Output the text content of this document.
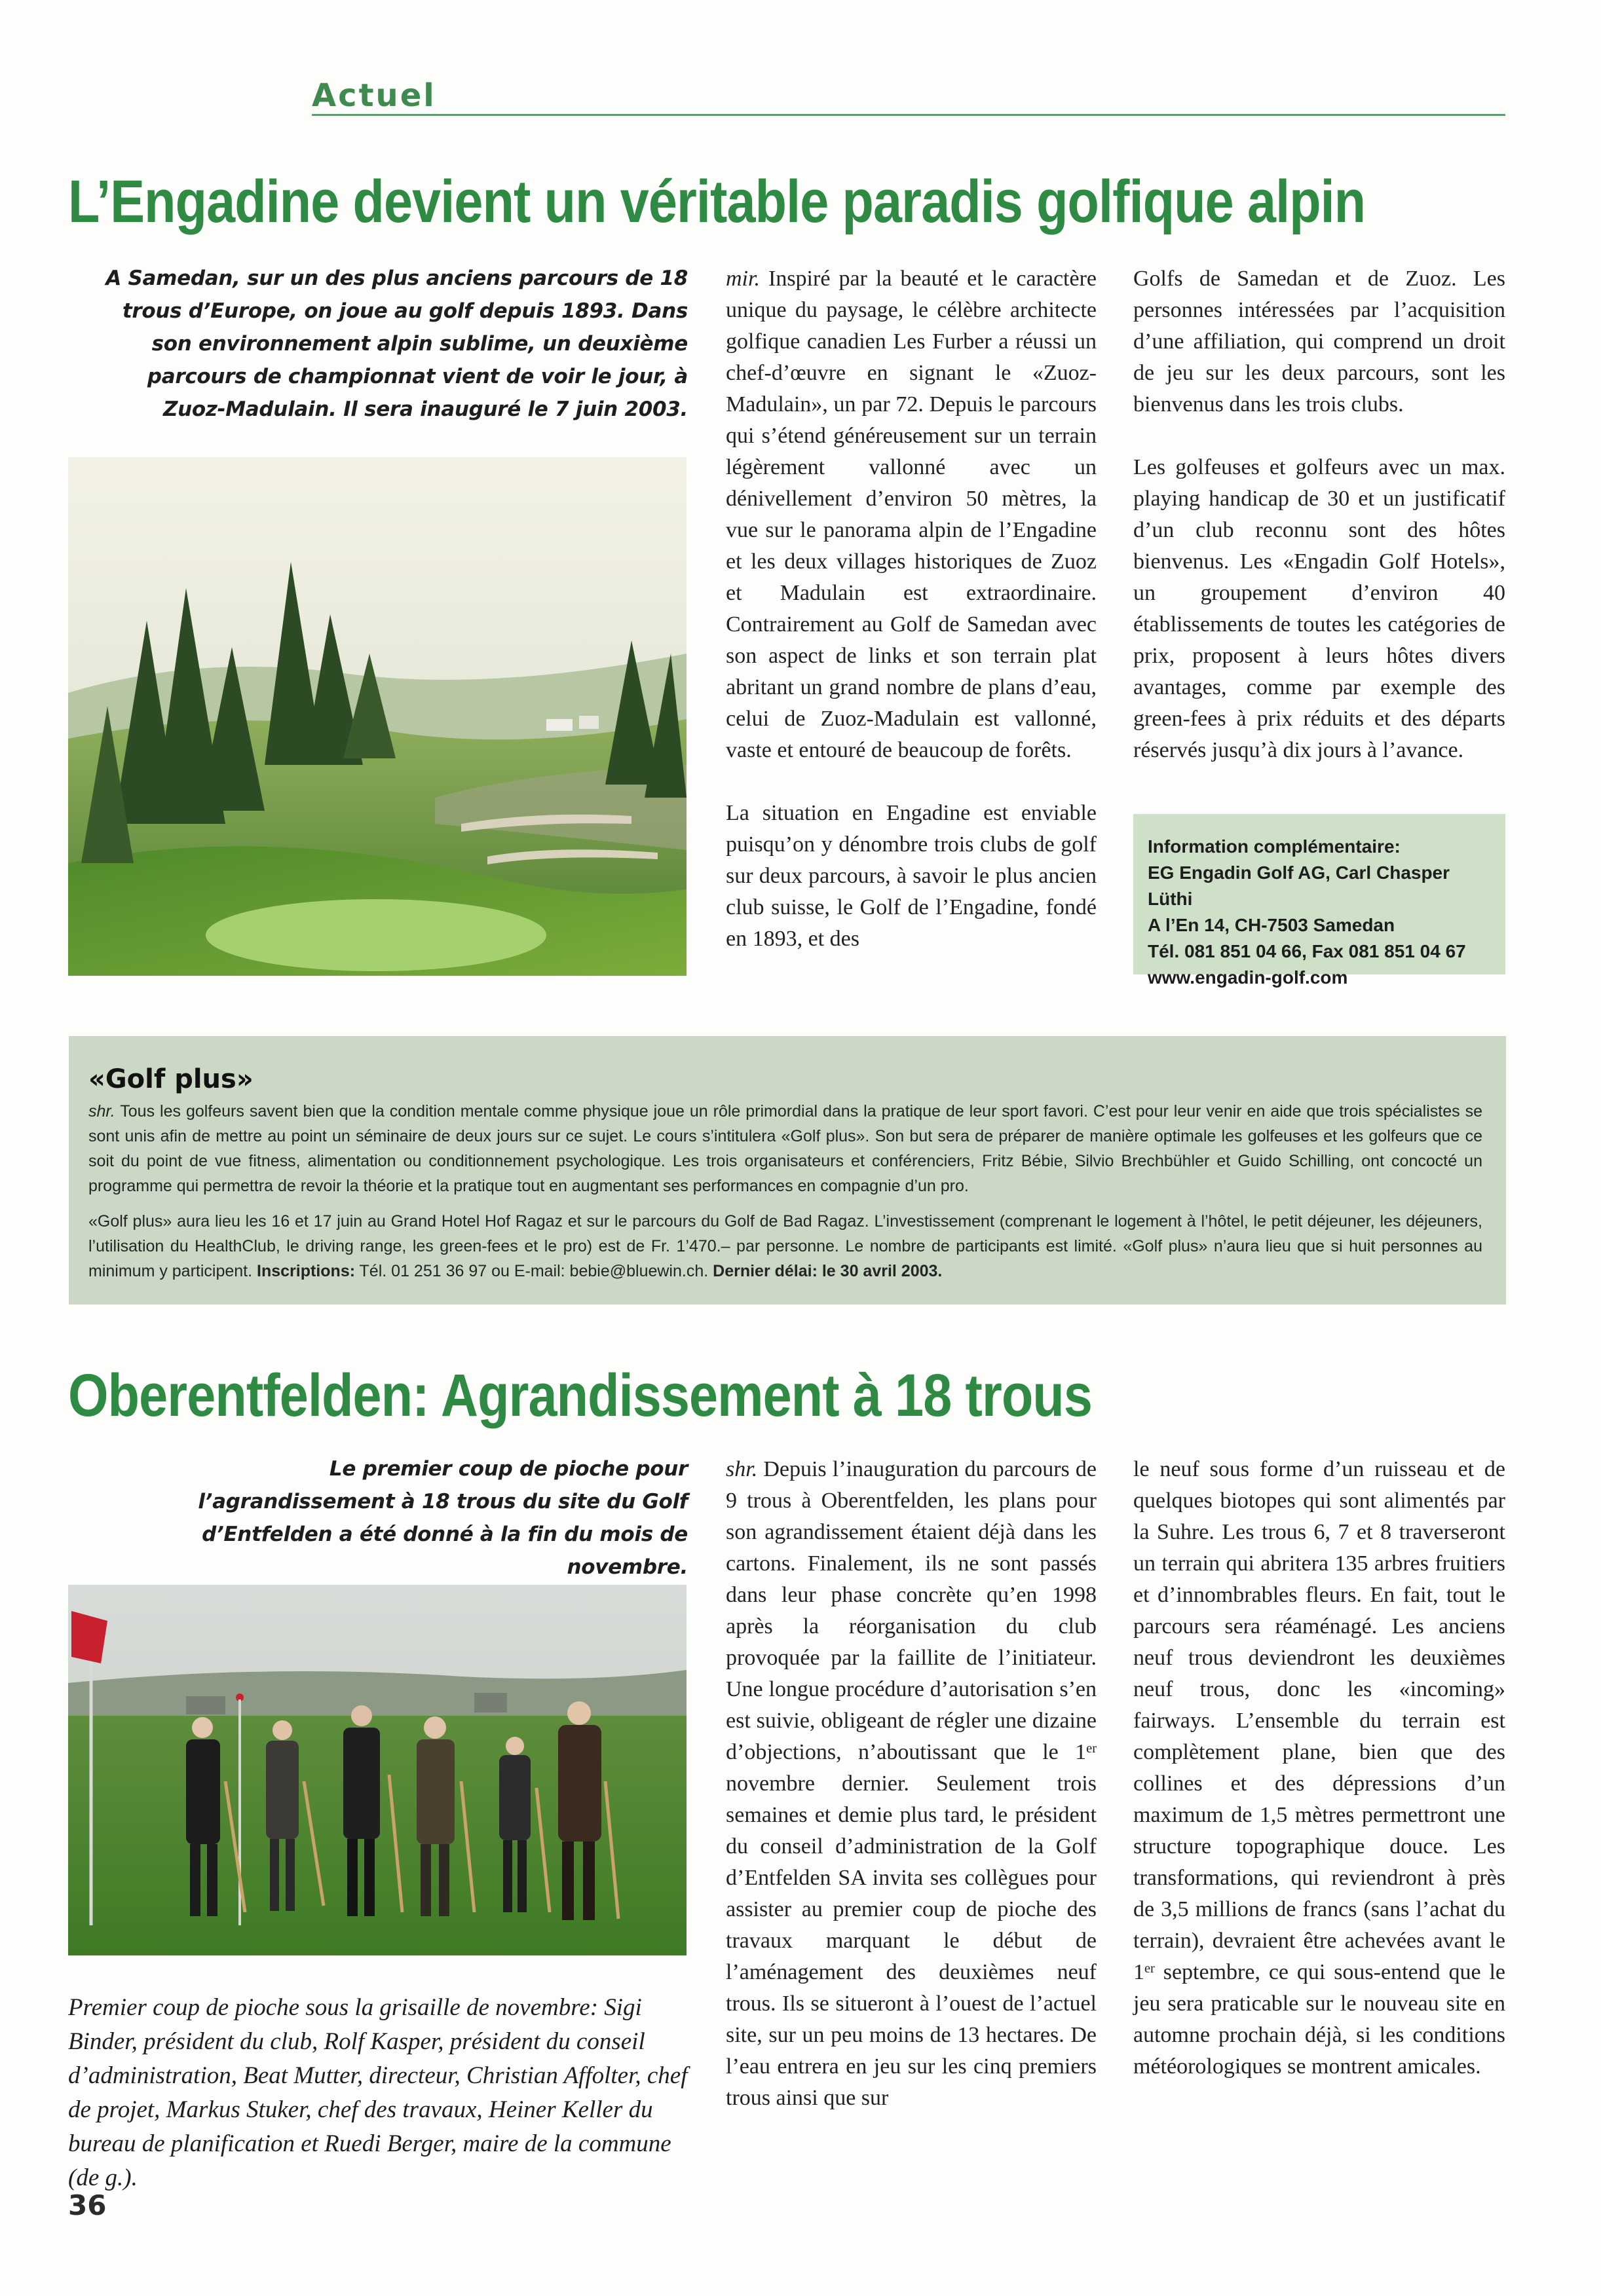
Actuel
L’Engadine devient un véritable paradis golfique alpin
A Samedan, sur un des plus anciens parcours de 18 trous d’Europe, on joue au golf depuis 1893. Dans son environnement alpin sublime, un deuxième parcours de championnat vient de voir le jour, à Zuoz-Madulain. Il sera inauguré le 7 juin 2003.

mir. Inspiré par la beauté et le caractère unique du paysage, le célèbre architecte golfique canadien Les Furber a réussi un chef-d’œuvre en signant le «Zuoz-Madulain», un par 72. Depuis le parcours qui s’étend généreusement sur un terrain légèrement vallonné avec un dénivellement d’environ 50 mètres, la vue sur le panorama alpin de l’Engadine et les deux villages historiques de Zuoz et Madulain est extraordinaire. Contrairement au Golf de Samedan avec son aspect de links et son terrain plat abritant un grand nombre de plans d’eau, celui de Zuoz-Madulain est vallonné, vaste et entouré de beaucoup de forêts.

La situation en Engadine est enviable puisqu’on y dénombre trois clubs de golf sur deux parcours, à savoir le plus ancien club suisse, le Golf de l’Engadine, fondé en 1893, et des

Golfs de Samedan et de Zuoz. Les personnes intéressées par l’acquisition d’une affiliation, qui comprend un droit de jeu sur les deux parcours, sont les bienvenus dans les trois clubs.

Les golfeuses et golfeurs avec un max. playing handicap de 30 et un justificatif d’un club reconnu sont des hôtes bienvenus. Les «Engadin Golf Hotels», un groupement d’environ 40 établissements de toutes les catégories de prix, proposent à leurs hôtes divers avantages, comme par exemple des green-fees à prix réduits et des départs réservés jusqu’à dix jours à l’avance.

Information complémentaire:
EG Engadin Golf AG, Carl Chasper Lüthi
A l’En 14, CH-7503 Samedan
Tél. 081 851 04 66, Fax 081 851 04 67
www.engadin-golf.com
«Golf plus»

shr. Tous les golfeurs savent bien que la condition mentale comme physique joue un rôle primordial dans la pratique de leur sport favori. C’est pour leur venir en aide que trois spécialistes se sont unis afin de mettre au point un séminaire de deux jours sur ce sujet. Le cours s’intitulera «Golf plus». Son but sera de préparer de manière optimale les golfeuses et les golfeurs que ce soit du point de vue fitness, alimentation ou conditionnement psychologique. Les trois organisateurs et conférenciers, Fritz Bébie, Silvio Brechbühler et Guido Schilling, ont concocté un programme qui permettra de revoir la théorie et la pratique tout en augmentant ses performances en compagnie d’un pro.

«Golf plus» aura lieu les 16 et 17 juin au Grand Hotel Hof Ragaz et sur le parcours du Golf de Bad Ragaz. L’investissement (comprenant le logement à l’hôtel, le petit déjeuner, les déjeuners, l’utilisation du HealthClub, le driving range, les green-fees et le pro) est de Fr. 1’470.– par personne. Le nombre de participants est limité. «Golf plus» n’aura lieu que si huit personnes au minimum y participent. Inscriptions: Tél. 01 251 36 97 ou E-mail: bebie@bluewin.ch. Dernier délai: le 30 avril 2003.

Oberentfelden: Agrandissement à 18 trous
Le premier coup de pioche pour l’agrandissement à 18 trous du site du Golf d’Entfelden a été donné à la fin du mois de novembre.
Premier coup de pioche sous la grisaille de novembre: Sigi Binder, président du club, Rolf Kasper, président du conseil d’administration, Beat Mutter, directeur, Christian Affolter, chef de projet, Markus Stuker, chef des travaux, Heiner Keller du bureau de planification et Ruedi Berger, maire de la commune (de g.).

shr. Depuis l’inauguration du parcours de 9 trous à Oberentfelden, les plans pour son agrandissement étaient déjà dans les cartons. Finalement, ils ne sont passés dans leur phase concrète qu’en 1998 après la réorganisation du club provoquée par la faillite de l’initiateur. Une longue procédure d’autorisation s’en est suivie, obligeant de régler une dizaine d’objections, n’aboutissant que le 1er novembre dernier. Seulement trois semaines et demie plus tard, le président du conseil d’administration de la Golf d’Entfelden SA invita ses collègues pour assister au premier coup de pioche des travaux marquant le début de l’aménagement des deuxièmes neuf trous. Ils se situeront à l’ouest de l’actuel site, sur un peu moins de 13 hectares. De l’eau entrera en jeu sur les cinq premiers trous ainsi que sur

le neuf sous forme d’un ruisseau et de quelques biotopes qui sont alimentés par la Suhre. Les trous 6, 7 et 8 traverseront un terrain qui abritera 135 arbres fruitiers et d’innombrables fleurs. En fait, tout le parcours sera réaménagé. Les anciens neuf trous deviendront les deuxièmes neuf trous, donc les «incoming» fairways. L’ensemble du terrain est complètement plane, bien que des collines et des dépressions d’un maximum de 1,5 mètres permettront une structure topographique douce. Les transformations, qui reviendront à près de 3,5 millions de francs (sans l’achat du terrain), devraient être achevées avant le 1er septembre, ce qui sous-entend que le jeu sera praticable sur le nouveau site en automne prochain déjà, si les conditions météorologiques se montrent amicales.

36
